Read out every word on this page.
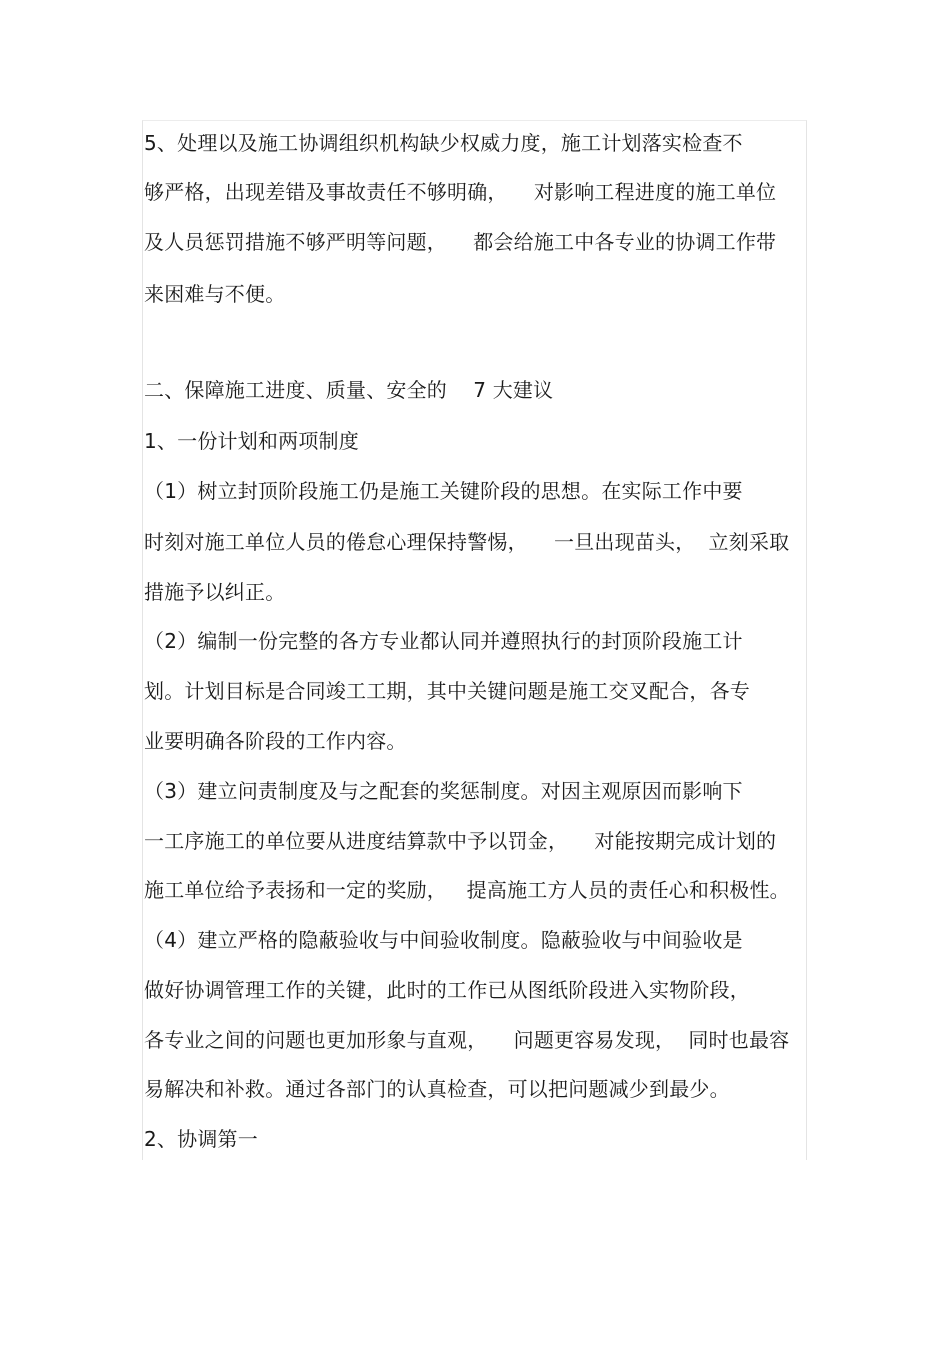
5、处理以及施工协调组织机构缺少权威力度，施工计划落实检查不
够严格，出现差错及事故责任不够明确，    对影响工程进度的施工单位
及人员惩罚措施不够严明等问题，    都会给施工中各专业的协调工作带
来困难与不便。
二、保障施工进度、质量、安全的    7 大建议
1、一份计划和两项制度
（1）树立封顶阶段施工仍是施工关键阶段的思想。在实际工作中要
时刻对施工单位人员的倦怠心理保持警惕，    一旦出现苗头，  立刻采取
措施予以纠正。
（2）编制一份完整的各方专业都认同并遵照执行的封顶阶段施工计
划。计划目标是合同竣工工期，其中关键问题是施工交叉配合，各专
业要明确各阶段的工作内容。
（3）建立问责制度及与之配套的奖惩制度。对因主观原因而影响下
一工序施工的单位要从进度结算款中予以罚金，    对能按期完成计划的
施工单位给予表扬和一定的奖励，   提高施工方人员的责任心和积极性。
（4）建立严格的隐蔽验收与中间验收制度。隐蔽验收与中间验收是
做好协调管理工作的关键，此时的工作已从图纸阶段进入实物阶段，
各专业之间的问题也更加形象与直观，    问题更容易发现，  同时也最容
易解决和补救。通过各部门的认真检查，可以把问题减少到最少。
2、协调第一
